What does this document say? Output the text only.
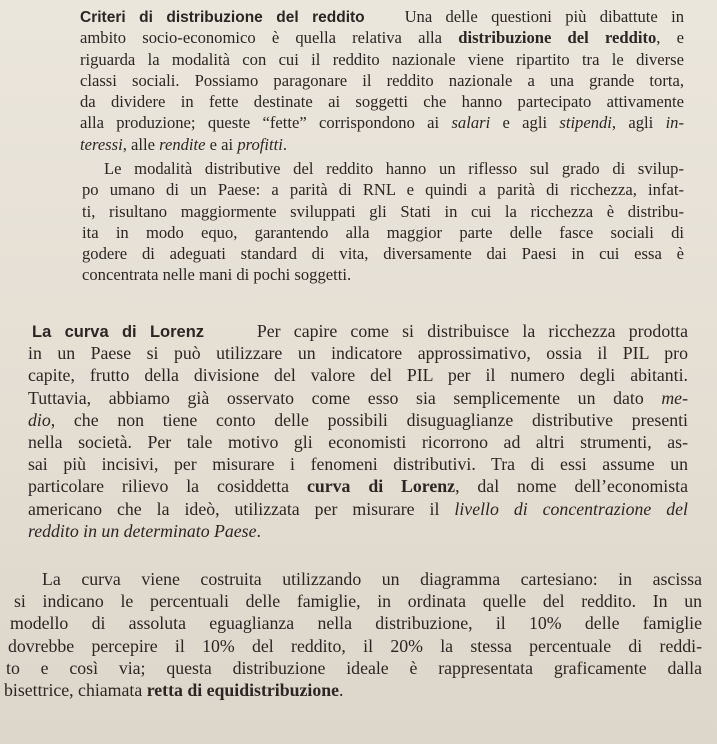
Criteri di distribuzione del reddito Una delle questioni più dibattute in
ambito socio-economico è quella relativa alla distribuzione del reddito, e
riguarda la modalità con cui il reddito nazionale viene ripartito tra le diverse
classi sociali. Possiamo paragonare il reddito nazionale a una grande torta,
da dividere in fette destinate ai soggetti che hanno partecipato attivamente
alla produzione; queste “fette” corrispondono ai salari e agli stipendi, agli in-
teressi, alle rendite e ai profitti.
Le modalità distributive del reddito hanno un riflesso sul grado di svilup-
po umano di un Paese: a parità di RNL e quindi a parità di ricchezza, infat-
ti, risultano maggiormente sviluppati gli Stati in cui la ricchezza è distribu-
ita in modo equo, garantendo alla maggior parte delle fasce sociali di
godere di adeguati standard di vita, diversamente dai Paesi in cui essa è
concentrata nelle mani di pochi soggetti.
La curva di Lorenz	Per capire come si distribuisce la ricchezza prodotta
in un Paese si può utilizzare un indicatore approssimativo, ossia il PIL pro
capite, frutto della divisione del valore del PIL per il numero degli abitanti.
Tuttavia, abbiamo già osservato come esso sia semplicemente un dato me-
dio, che non tiene conto delle possibili disuguaglianze distributive presenti
nella società. Per tale motivo gli economisti ricorrono ad altri strumenti, as-
sai più incisivi, per misurare i fenomeni distributivi. Tra di essi assume un
particolare rilievo la cosiddetta curva di Lorenz, dal nome dell’economista
americano che la ideò, utilizzata per misurare il livello di concentrazione del
reddito in un determinato Paese.
La curva viene costruita utilizzando un diagramma cartesiano: in ascissa
si indicano le percentuali delle famiglie, in ordinata quelle del reddito. In un
modello di assoluta eguaglianza nella distribuzione, il 10% delle famiglie
dovrebbe percepire il 10% del reddito, il 20% la stessa percentuale di reddi-
to e così via; questa distribuzione ideale è rappresentata graficamente dalla
bisettrice, chiamata retta di equidistribuzione.
